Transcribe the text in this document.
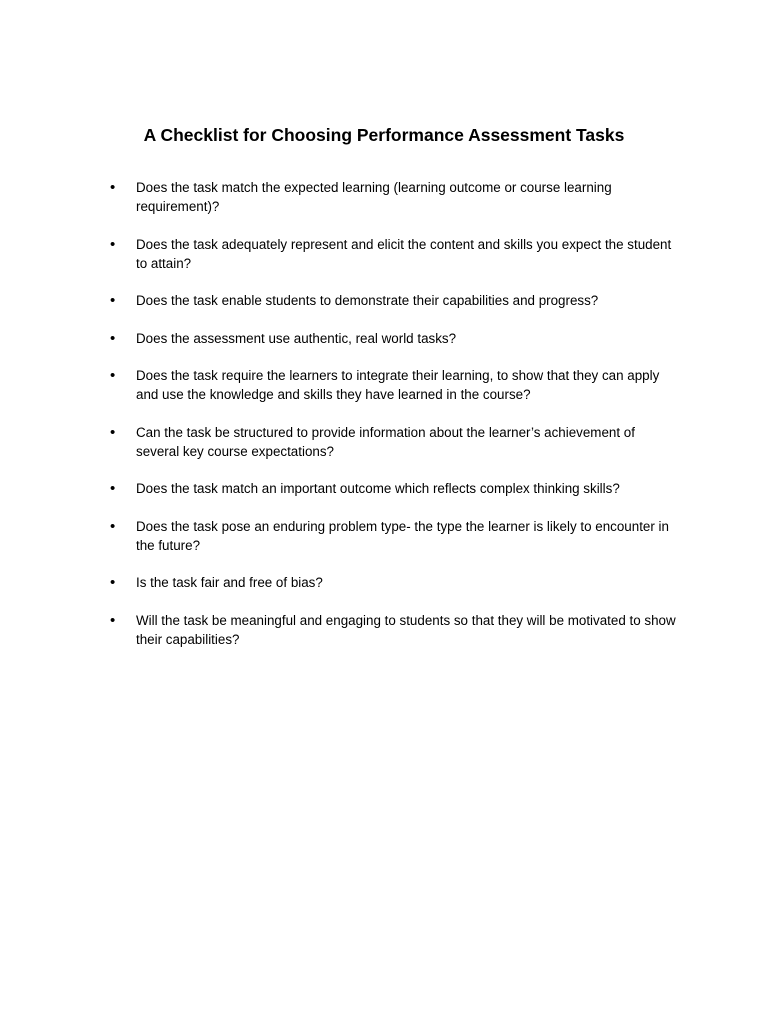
A Checklist for Choosing Performance Assessment Tasks
• Does the task match the expected learning (learning outcome or course learning requirement)?
• Does the task adequately represent and elicit the content and skills you expect the student to attain?
• Does the task enable students to demonstrate their capabilities and progress?
• Does the assessment use authentic, real world tasks?
• Does the task require the learners to integrate their learning, to show that they can apply and use the knowledge and skills they have learned in the course?
• Can the task be structured to provide information about the learner’s achievement of several key course expectations?
• Does the task match an important outcome which reflects complex thinking skills?
• Does the task pose an enduring problem type- the type the learner is likely to encounter in the future?
• Is the task fair and free of bias?
• Will the task be meaningful and engaging to students so that they will be motivated to show their capabilities?
